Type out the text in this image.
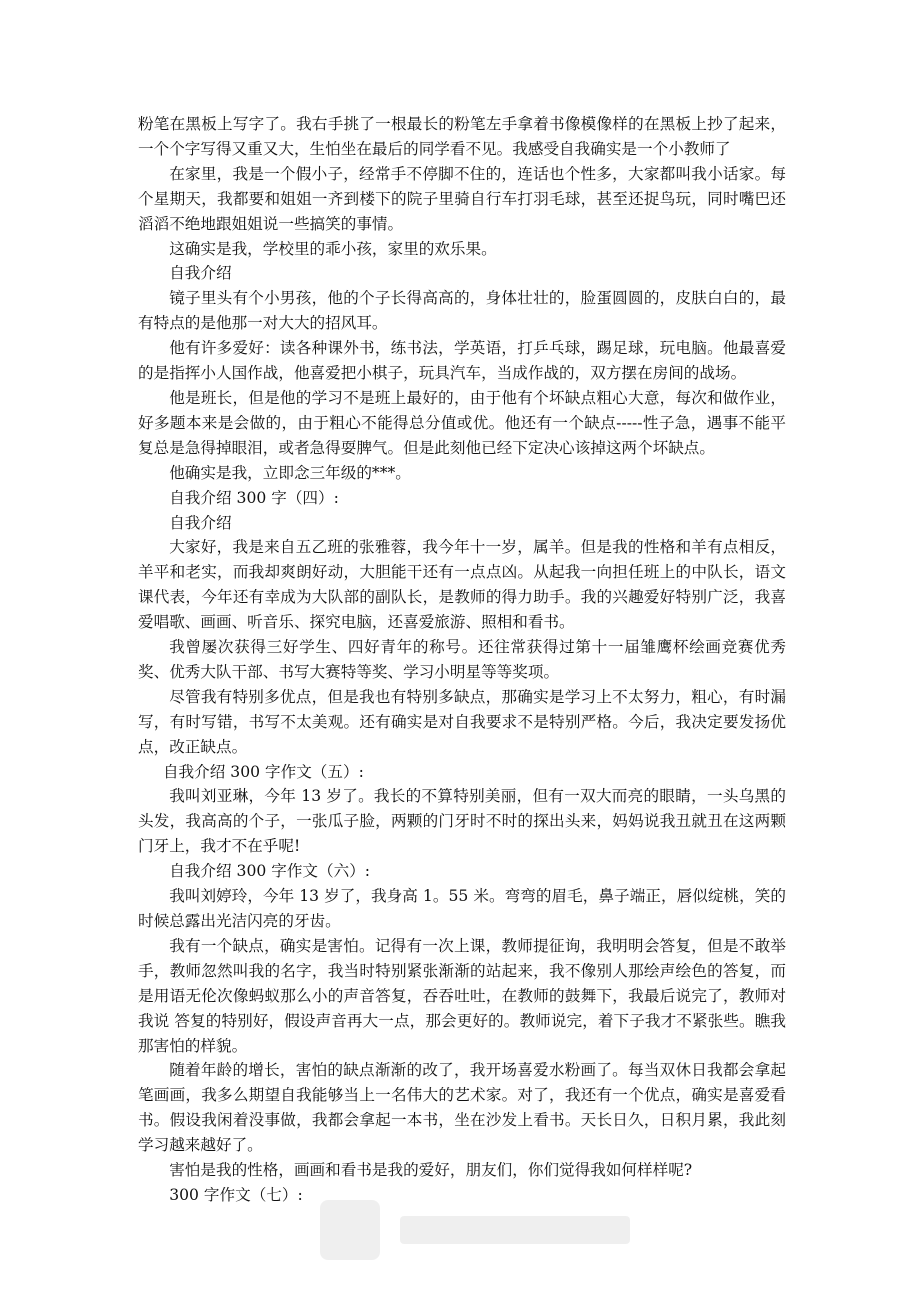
粉笔在黑板上写字了。我右手挑了一根最长的粉笔左手拿着书像模像样的在黑板上抄了起来，一个个字写得又重又大，生怕坐在最后的同学看不见。我感受自我确实是一个小教师了

在家里，我是一个假小子，经常手不停脚不住的，连话也个性多，大家都叫我小话家。每个星期天，我都要和姐姐一齐到楼下的院子里骑自行车打羽毛球，甚至还捉鸟玩，同时嘴巴还滔滔不绝地跟姐姐说一些搞笑的事情。

这确实是我，学校里的乖小孩，家里的欢乐果。

自我介绍

镜子里头有个小男孩，他的个子长得高高的，身体壮壮的，脸蛋圆圆的，皮肤白白的，最有特点的是他那一对大大的招风耳。

他有许多爱好：读各种课外书，练书法，学英语，打乒乓球，踢足球，玩电脑。他最喜爱的是指挥小人国作战，他喜爱把小棋子，玩具汽车，当成作战的，双方摆在房间的战场。

他是班长，但是他的学习不是班上最好的，由于他有个坏缺点粗心大意，每次和做作业，好多题本来是会做的，由于粗心不能得总分值或优。他还有一个缺点-----性子急，遇事不能平复总是急得掉眼泪，或者急得耍脾气。但是此刻他已经下定决心该掉这两个坏缺点。

他确实是我，立即念三年级的***。

自我介绍 300 字（四）:

自我介绍

大家好，我是来自五乙班的张雅蓉，我今年十一岁，属羊。但是我的性格和羊有点相反，羊平和老实，而我却爽朗好动，大胆能干还有一点点凶。从起我一向担任班上的中队长，语文课代表，今年还有幸成为大队部的副队长，是教师的得力助手。我的兴趣爱好特别广泛，我喜爱唱歌、画画、听音乐、探究电脑，还喜爱旅游、照相和看书。

我曾屡次获得三好学生、四好青年的称号。还往常获得过第十一届雏鹰杯绘画竞赛优秀奖、优秀大队干部、书写大赛特等奖、学习小明星等等奖项。

尽管我有特别多优点，但是我也有特别多缺点，那确实是学习上不太努力，粗心，有时漏写，有时写错，书写不太美观。还有确实是对自我要求不是特别严格。今后，我决定要发扬优点，改正缺点。

自我介绍 300 字作文（五）:

我叫刘亚琳，今年 13 岁了。我长的不算特别美丽，但有一双大而亮的眼睛，一头乌黑的头发，我高高的个子，一张瓜子脸，两颗的门牙时不时的探出头来，妈妈说我丑就丑在这两颗门牙上，我才不在乎呢!

自我介绍 300 字作文（六）:

我叫刘婷玲，今年 13 岁了，我身高 1。55 米。弯弯的眉毛，鼻子端正，唇似绽桃，笑的时候总露出光洁闪亮的牙齿。

我有一个缺点，确实是害怕。记得有一次上课，教师提征询，我明明会答复，但是不敢举手，教师忽然叫我的名字，我当时特别紧张渐渐的站起来，我不像别人那绘声绘色的答复，而是用语无伦次像蚂蚁那么小的声音答复，吞吞吐吐，在教师的鼓舞下，我最后说完了，教师对我说 答复的特别好，假设声音再大一点，那会更好的。教师说完，着下子我才不紧张些。瞧我那害怕的样貌。

随着年龄的增长，害怕的缺点渐渐的改了，我开场喜爱水粉画了。每当双休日我都会拿起笔画画，我多么期望自我能够当上一名伟大的艺术家。对了，我还有一个优点，确实是喜爱看书。假设我闲着没事做，我都会拿起一本书，坐在沙发上看书。天长日久，日积月累，我此刻学习越来越好了。

害怕是我的性格，画画和看书是我的爱好，朋友们，你们觉得我如何样样呢?

300 字作文（七）:
